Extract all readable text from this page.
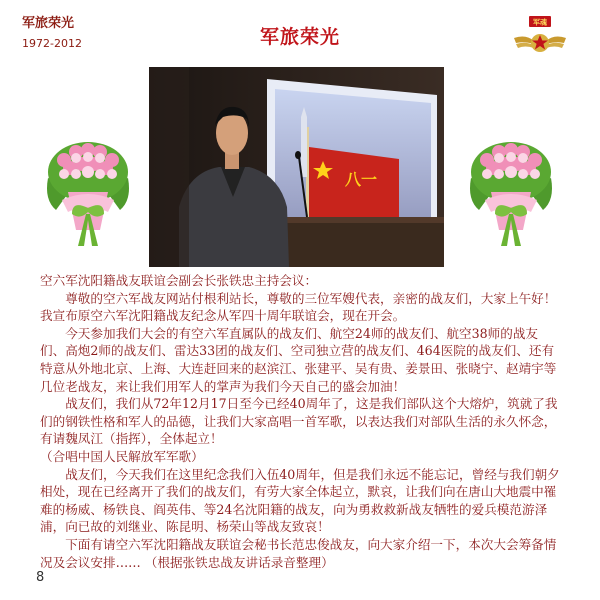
军旅荣光
1972-2012	军旅荣光
军魂
八一

空六军沈阳籍战友联谊会副会长张铁忠主持会议：

尊敬的空六军战友网站付根利站长，尊敬的三位军嫂代表，亲密的战友们，大家上午好！我宣布原空六军沈阳籍战友纪念从军四十周年联谊会，现在开会。

今天参加我们大会的有空六军直属队的战友们、航空24师的战友们、航空38师的战友们、高炮2师的战友们、雷达33团的战友们、空司独立营的战友们、464医院的战友们、还有特意从外地北京、上海、大连赶回来的赵滨江、张建平、吴有贵、姜景田、张晓宁、赵靖宇等几位老战友，来让我们用军人的掌声为我们今天自己的盛会加油！

战友们，我们从72年12月17日至今已经40周年了，这是我们部队这个大熔炉，筑就了我们的钢铁性格和军人的品德，让我们大家高唱一首军歌，以表达我们对部队生活的永久怀念，有请魏凤江（指挥），全体起立！

（合唱中国人民解放军军歌）

战友们，今天我们在这里纪念我们入伍40周年，但是我们永远不能忘记，曾经与我们朝夕相处，现在已经离开了我们的战友们，有劳大家全体起立，默哀，让我们向在唐山大地震中罹难的杨威、杨铁良、阎英伟、等24名沈阳籍的战友，向为勇救救新战友牺牲的爱兵模范游泽浦，向已故的刘继业、陈昆明、杨荣山等战友致哀！

下面有请空六军沈阳籍战友联谊会秘书长范忠俊战友，向大家介绍一下，本次大会筹备情况及会议安排…… （根据张铁忠战友讲话录音整理）

8
